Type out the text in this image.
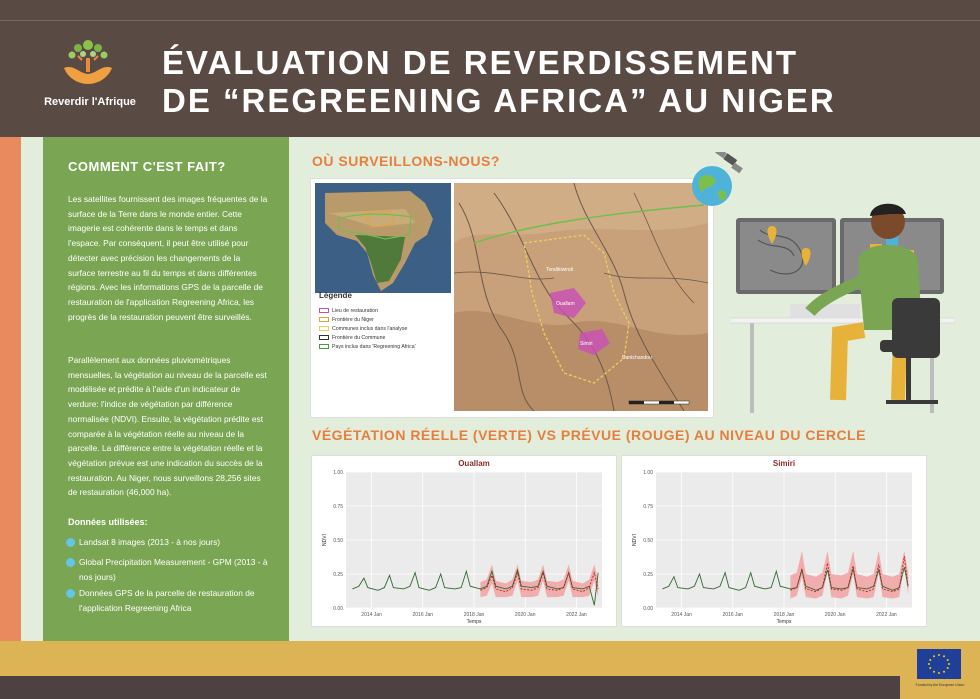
Reverdir l'Afrique
ÉVALUATION DE REVERDISSEMENT
DE “REGREENING AFRICA” AU NIGER
COMMENT C'EST FAIT?
Les satellites fournissent des images fréquentes de la surface de la Terre dans le monde entier. Cette imagerie est cohérente dans le temps et dans l'espace. Par conséquent, il peut être utilisé pour détecter avec précision les changements de la surface terrestre au fil du temps et dans différentes régions. Avec les informations GPS de la parcelle de restauration de l'application Regreening Africa, les progrès de la restauration peuvent être surveillés.
Parallèlement aux données pluviométriques mensuelles, la végétation au niveau de la parcelle est modélisée et prédite à l'aide d'un indicateur de verdure: l'indice de végétation par différence normalisée (NDVI). Ensuite, la végétation prédite est comparée à la végétation réelle au niveau de la parcelle. La différence entre la végétation réelle et la végétation prévue est une indication du succès de la restauration. Au Niger, nous surveillons 28,256 sites de restauration (46,000 ha).
Données utilisées:
Landsat 8 images (2013 - à nos jours)
Global Precipitation Measurement - GPM (2013 - à nos jours)
Données GPS de la parcelle de restauration de l'application Regreening Africa
OÙ SURVEILLONS-NOUS?
Tondikiwindi
Ouallam
Simiri
Dantchandou
Légende
Lieu de restauration
Frontière du Niger
Communes inclus dans l'analyse
Frontière du Commune
Pays inclus dans 'Regreening Africa'
VÉGÉTATION RÉELLE (VERTE) VS PRÉVUE (ROUGE) AU NIVEAU DU CERCLE
Ouallam
0.00
0.25
0.50
0.75
1.00
2014 Jan	2016 Jan	2018 Jan	2020 Jan	2022 Jan
Temps
NDVI
Simiri
0.00
0.25
0.50
0.75
1.00
2014 Jan	2016 Jan	2018 Jan	2020 Jan	2022 Jan
Temps
NDVI
Funded by the European Union
